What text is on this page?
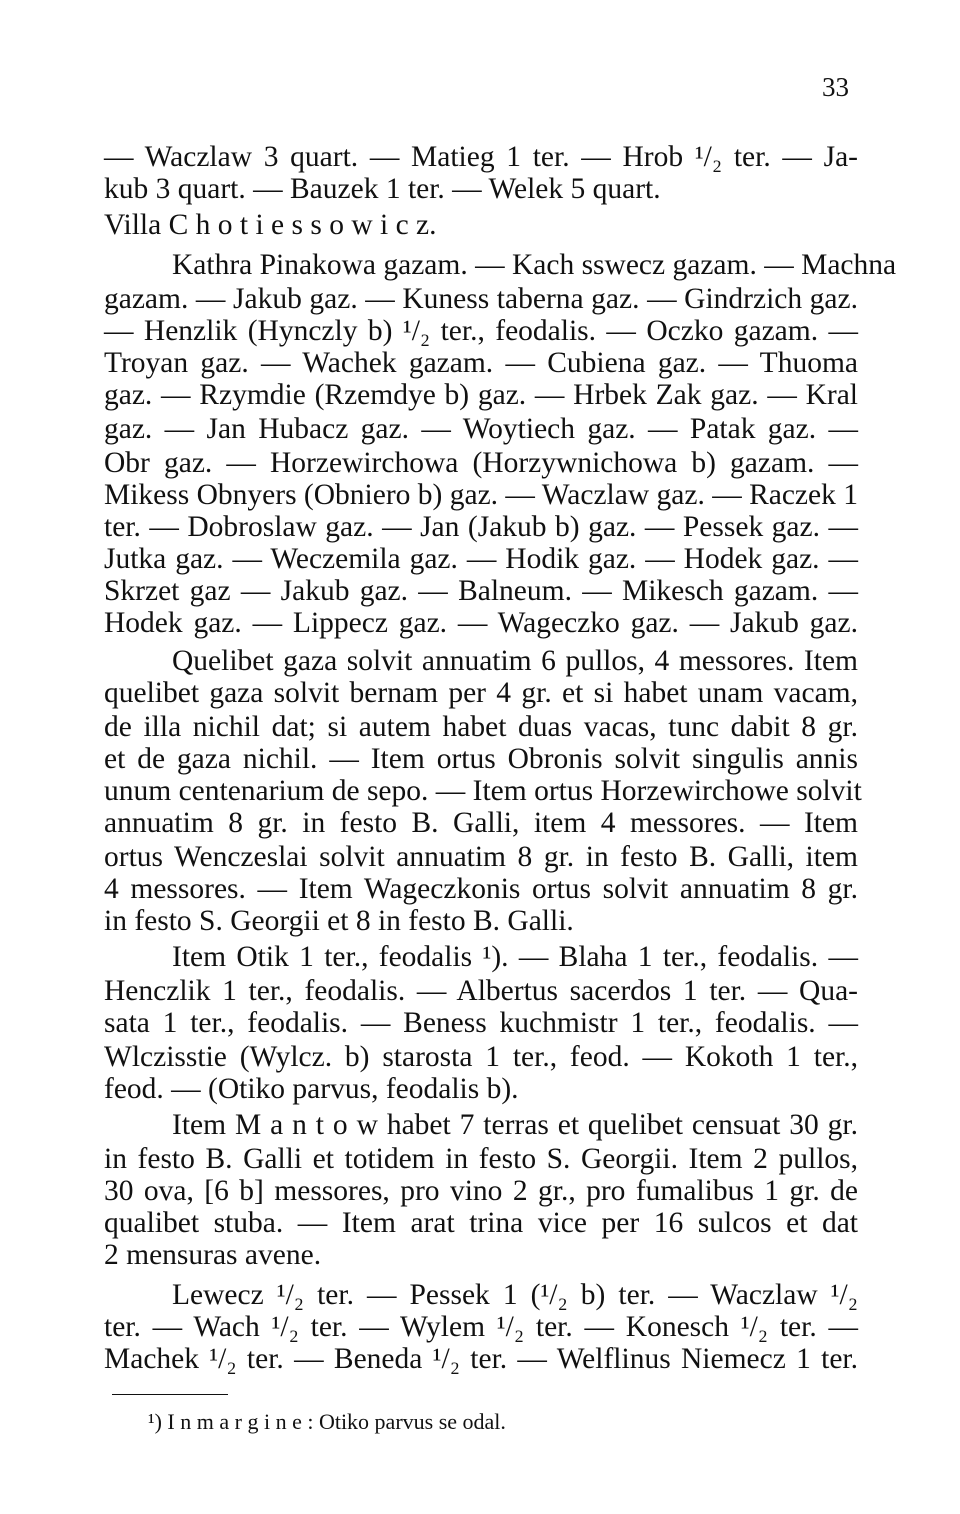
33
— Waczlaw 3 quart. — Matieg 1 ter. — Hrob ¹/₂ ter. — Ja-
kub 3 quart. — Bauzek 1 ter. — Welek 5 quart.
Villa C h o t i e s s o w i c z.
Kathra Pinakowa gazam. — Kach sswecz gazam. — Machna
gazam. — Jakub gaz. — Kuness taberna gaz. — Gindrzich gaz.
— Henzlik (Hynczly b) ¹/₂ ter., feodalis. — Oczko gazam. —
Troyan gaz. — Wachek gazam. — Cubiena gaz. — Thuoma
gaz. — Rzymdie (Rzemdye b) gaz. — Hrbek Zak gaz. — Kral
gaz. — Jan Hubacz gaz. — Woytiech gaz. — Patak gaz. —
Obr gaz. — Horzewirchowa (Horzywnichowa b) gazam. —
Mikess Obnyers (Obniero b) gaz. — Waczlaw gaz. — Raczek 1
ter. — Dobroslaw gaz. — Jan (Jakub b) gaz. — Pessek gaz. —
Jutka gaz. — Weczemila gaz. — Hodik gaz. — Hodek gaz. —
Skrzet gaz — Jakub gaz. — Balneum. — Mikesch gazam. —
Hodek gaz. — Lippecz gaz. — Wageczko gaz. — Jakub gaz.
Quelibet gaza solvit annuatim 6 pullos, 4 messores. Item
quelibet gaza solvit bernam per 4 gr. et si habet unam vacam,
de illa nichil dat; si autem habet duas vacas, tunc dabit 8 gr.
et de gaza nichil. — Item ortus Obronis solvit singulis annis
unum centenarium de sepo. — Item ortus Horzewirchowe solvit
annuatim 8 gr. in festo B. Galli, item 4 messores. — Item
ortus Wenczeslai solvit annuatim 8 gr. in festo B. Galli, item
4 messores. — Item Wageczkonis ortus solvit annuatim 8 gr.
in festo S. Georgii et 8 in festo B. Galli.
Item Otik 1 ter., feodalis ¹). — Blaha 1 ter., feodalis. —
Henczlik 1 ter., feodalis. — Albertus sacerdos 1 ter. — Qua-
sata 1 ter., feodalis. — Beness kuchmistr 1 ter., feodalis. —
Wlczisstie (Wylcz. b) starosta 1 ter., feod. — Kokoth 1 ter.,
feod. — (Otiko parvus, feodalis b).
Item M a n t o w habet 7 terras et quelibet censuat 30 gr.
in festo B. Galli et totidem in festo S. Georgii. Item 2 pullos,
30 ova, [6 b] messores, pro vino 2 gr., pro fumalibus 1 gr. de
qualibet stuba. — Item arat trina vice per 16 sulcos et dat
2 mensuras avene.
Lewecz ¹/₂ ter. — Pessek 1 (¹/₂ b) ter. — Waczlaw ¹/₂
ter. — Wach ¹/₂ ter. — Wylem ¹/₂ ter. — Konesch ¹/₂ ter. —
Machek ¹/₂ ter. — Beneda ¹/₂ ter. — Welflinus Niemecz 1 ter.
¹) I n m a r g i n e : Otiko parvus se odal.
